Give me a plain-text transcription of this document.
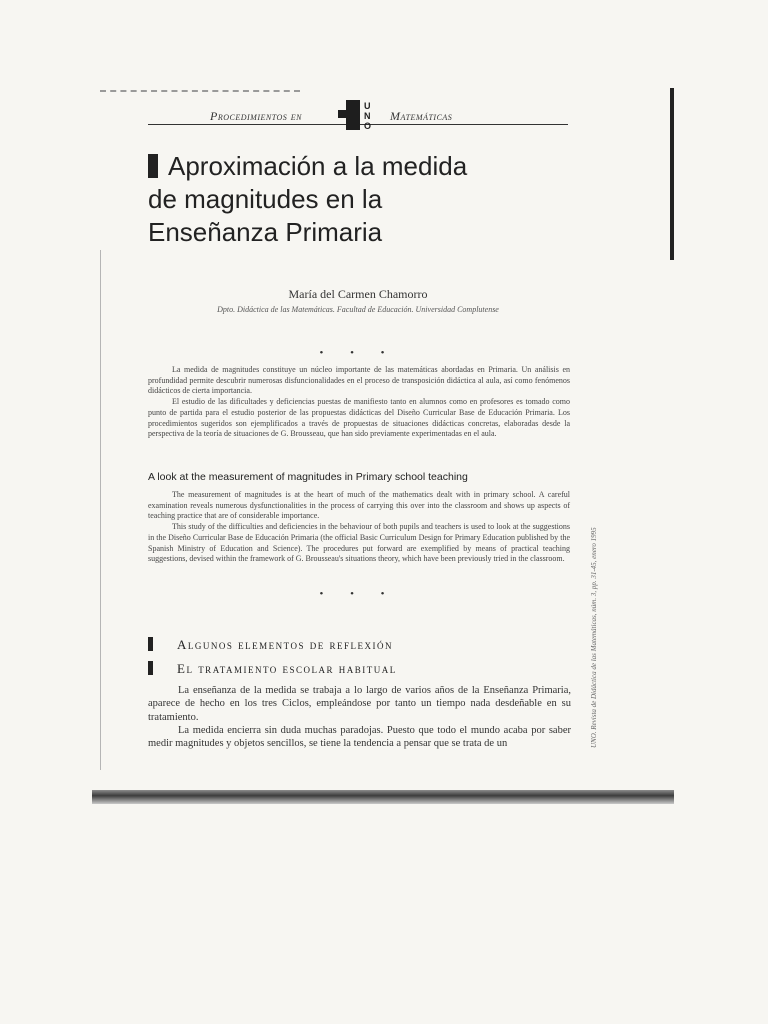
Procedimientos en
U
N
O
Matemáticas
Aproximación a la medida
de magnitudes en la
Enseñanza Primaria
María del Carmen Chamorro
Dpto. Didáctica de las Matemáticas. Facultad de Educación. Universidad Complutense
• • •

La medida de magnitudes constituye un núcleo importante de las matemáticas abordadas en Primaria. Un análisis en profundidad permite descubrir numerosas disfuncionalidades en el proceso de transposición didáctica al aula, así como fenómenos didácticos de cierta importancia.

El estudio de las dificultades y deficiencias puestas de manifiesto tanto en alumnos como en profesores es tomado como punto de partida para el estudio posterior de las propuestas didácticas del Diseño Curricular Base de Educación Primaria. Los procedimientos sugeridos son ejemplificados a través de propuestas de situaciones didácticas concretas, elaboradas desde la perspectiva de la teoría de situaciones de G. Brousseau, que han sido previamente experimentadas en el aula.

A look at the measurement of magnitudes in Primary school teaching

The measurement of magnitudes is at the heart of much of the mathematics dealt with in primary school. A careful examination reveals numerous dysfunctionalities in the process of carrying this over into the classroom and shows up aspects of teaching practice that are of considerable importance.

This study of the difficulties and deficiencies in the behaviour of both pupils and teachers is used to look at the suggestions in the Diseño Curricular Base de Educación Primaria (the official Basic Curriculum Design for Primary Education published by the Spanish Ministry of Education and Science). The procedures put forward are exemplified by means of practical teaching suggestions, devised within the framework of G. Brousseau's situations theory, which have been previously tried in the classroom.

• • •
Algunos elementos de reflexión
El tratamiento escolar habitual

La enseñanza de la medida se trabaja a lo largo de varios años de la Enseñanza Primaria, aparece de hecho en los tres Ciclos, empleándose por tanto un tiempo nada desdeñable en su tratamiento.

La medida encierra sin duda muchas paradojas. Puesto que todo el mundo acaba por saber medir magnitudes y objetos sencillos, se tiene la tendencia a pensar que se trata de un	UNO. Revista de Didáctica de las Matemáticas, núm. 3, pp. 31-45, enero 1995
